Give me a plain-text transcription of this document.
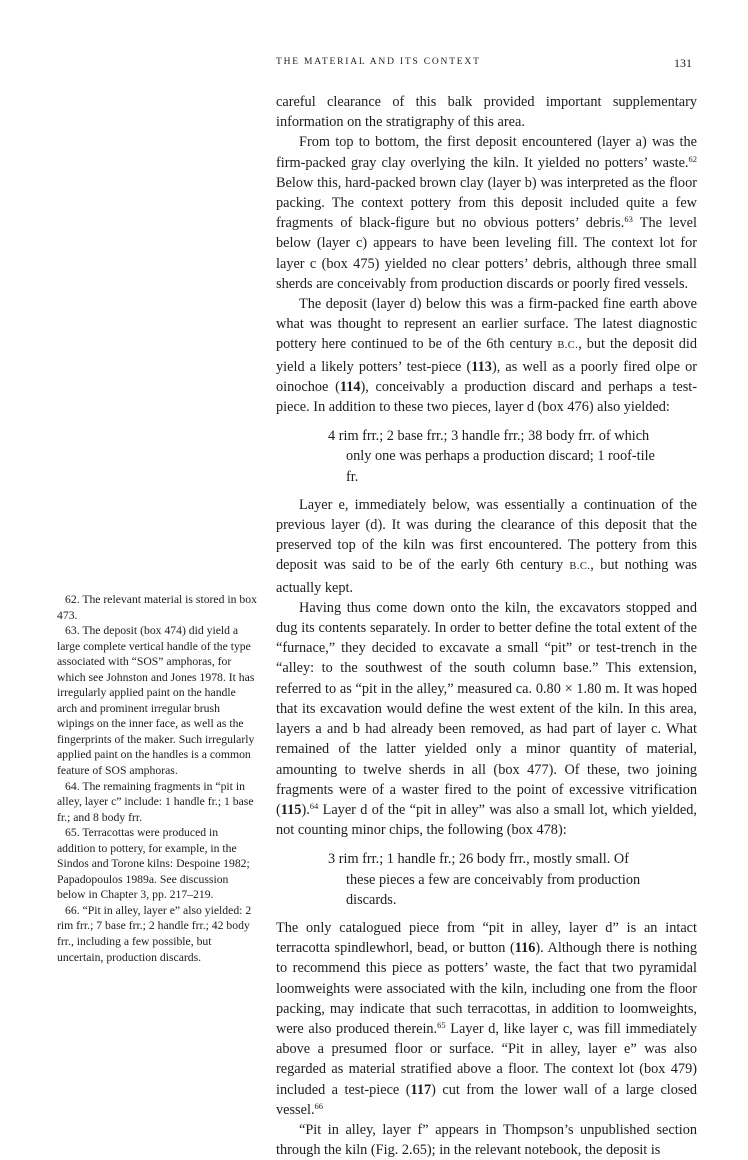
THE MATERIAL AND ITS CONTEXT	131

careful clearance of this balk provided important supplementary information on the stratigraphy of this area.

From top to bottom, the first deposit encountered (layer a) was the firm-packed gray clay overlying the kiln. It yielded no potters’ waste.$^{62}$ Below this, hard-packed brown clay (layer b) was interpreted as the floor packing. The context pottery from this deposit included quite a few fragments of black-figure but no obvious potters’ debris.$^{63}$ The level below (layer c) appears to have been leveling fill. The context lot for layer c (box 475) yielded no clear potters’ debris, although three small sherds are conceivably from production discards or poorly fired vessels.

The deposit (layer d) below this was a firm-packed fine earth above what was thought to represent an earlier surface. The latest diagnostic pottery here continued to be of the 6th century B.C., but the deposit did yield a likely potters’ test-piece (113), as well as a poorly fired olpe or oinochoe (114), conceivably a production discard and perhaps a test-piece. In addition to these two pieces, layer d (box 476) also yielded:

4 rim frr.; 2 base frr.; 3 handle frr.; 38 body frr. of which only one was perhaps a production discard; 1 roof-tile fr.

Layer e, immediately below, was essentially a continuation of the previous layer (d). It was during the clearance of this deposit that the preserved top of the kiln was first encountered. The pottery from this deposit was said to be of the early 6th century B.C., but nothing was actually kept.

Having thus come down onto the kiln, the excavators stopped and dug its contents separately. In order to better define the total extent of the “furnace,” they decided to excavate a small “pit” or test-trench in the “alley: to the southwest of the south column base.” This extension, referred to as “pit in the alley,” measured ca. 0.80 × 1.80 m. It was hoped that its excavation would define the west extent of the kiln. In this area, layers a and b had already been removed, as had part of layer c. What remained of the latter yielded only a minor quantity of material, amounting to twelve sherds in all (box 477). Of these, two joining fragments were of a waster fired to the point of excessive vitrification (115).$^{64}$ Layer d of the “pit in alley” was also a small lot, which yielded, not counting minor chips, the following (box 478):

3 rim frr.; 1 handle fr.; 26 body frr., mostly small. Of these pieces a few are conceivably from production discards.

The only catalogued piece from “pit in alley, layer d” is an intact terracotta spindlewhorl, bead, or button (116). Although there is nothing to recommend this piece as potters’ waste, the fact that two pyramidal loomweights were associated with the kiln, including one from the floor packing, may indicate that such terracottas, in addition to loomweights, were also produced therein.$^{65}$ Layer d, like layer c, was fill immediately above a presumed floor or surface. “Pit in alley, layer e” was also regarded as material stratified above a floor. The context lot (box 479) included a test-piece (117) cut from the lower wall of a large closed vessel.$^{66}$

“Pit in alley, layer f” appears in Thompson’s unpublished section through the kiln (Fig. 2.65); in the relevant notebook, the deposit is

62. The relevant material is stored in box 473.

63. The deposit (box 474) did yield a large complete vertical handle of the type associated with “SOS” amphoras, for which see Johnston and Jones 1978. It has irregularly applied paint on the handle arch and prominent irregular brush wipings on the inner face, as well as the fingerprints of the maker. Such irregularly applied paint on the handles is a common feature of SOS amphoras.

64. The remaining fragments in “pit in alley, layer c” include: 1 handle fr.; 1 base fr.; and 8 body frr.

65. Terracottas were produced in addition to pottery, for example, in the Sindos and Torone kilns: Despoine 1982; Papadopoulos 1989a. See discussion below in Chapter 3, pp. 217–219.

66. “Pit in alley, layer e” also yielded: 2 rim frr.; 7 base frr.; 2 handle frr.; 42 body frr., including a few possible, but uncertain, production discards.
